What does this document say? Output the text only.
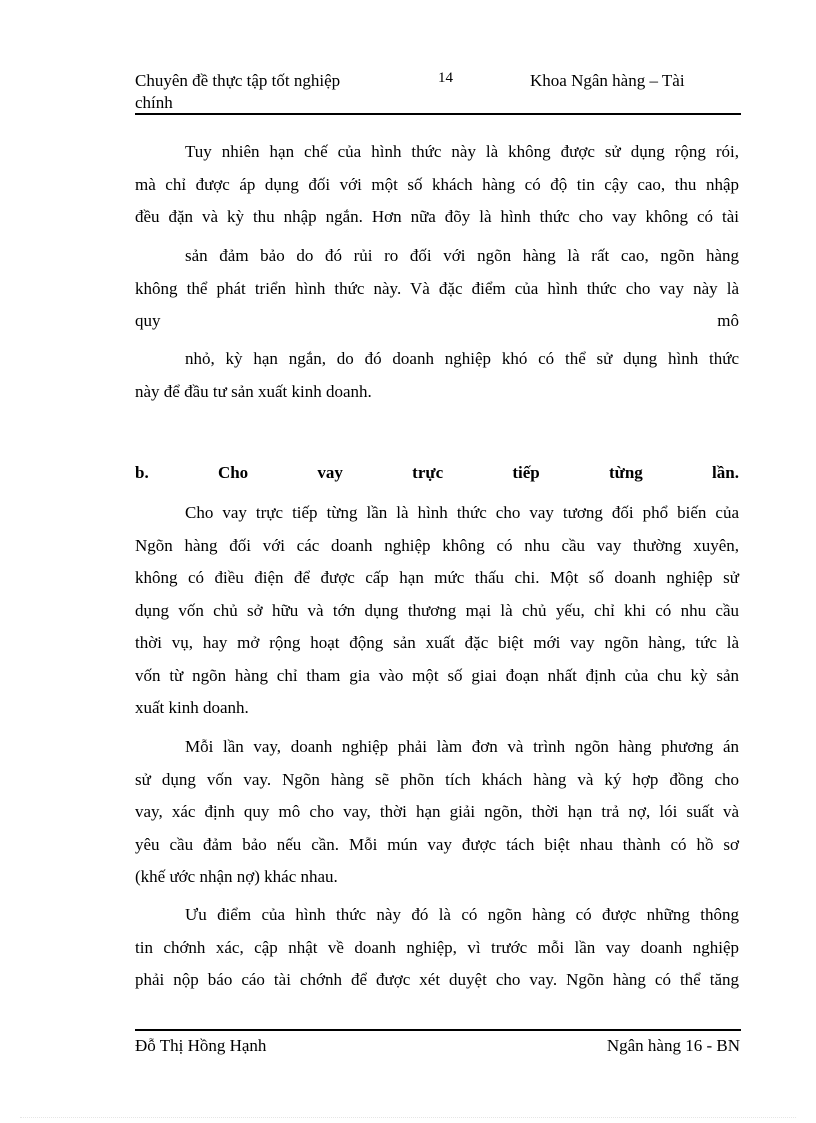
Chuyên đề thực tập tốt nghiệp
chính
14	Khoa Ngân hàng – Tài
Tuy nhiên hạn chế của hình thức này là không được sử dụng rộng rói,
mà chỉ được áp dụng đối với một số khách hàng có độ tin cậy cao, thu nhập
đều đặn và kỳ thu nhập ngắn. Hơn nữa đõy là hình thức cho vay không có tài
sản đảm bảo do đó rủi ro đối với ngõn hàng là rất cao, ngõn hàng
không thể phát triển hình thức này. Và đặc điểm của hình thức cho vay này là
quy	mô
nhỏ, kỳ hạn ngắn, do đó doanh nghiệp khó có thể sử dụng hình thức
này để đầu tư sản xuất kinh doanh.
b.	Cho	vay	trực	tiếp	từng	lần.
Cho vay trực tiếp từng lần là hình thức cho vay tương đối phổ biến của
Ngõn hàng đối với các doanh nghiệp không có nhu cầu vay thường xuyên,
không có điều điện để được cấp hạn mức thấu chi. Một số doanh nghiệp sử
dụng vốn chủ sở hữu và tớn dụng thương mại là chủ yếu, chỉ khi có nhu cầu
thời vụ, hay mở rộng hoạt động sản xuất đặc biệt mới vay ngõn hàng, tức là
vốn từ ngõn hàng chỉ tham gia vào một số giai đoạn nhất định của chu kỳ sản
xuất kinh doanh.
Mỗi lần vay, doanh nghiệp phải làm đơn và trình ngõn hàng phương án
sử dụng vốn vay. Ngõn hàng sẽ phõn tích khách hàng và ký hợp đồng cho
vay, xác định quy mô cho vay, thời hạn giải ngõn, thời hạn trả nợ, lói suất và
yêu cầu đảm bảo nếu cần. Mỗi mún vay được tách biệt nhau thành có hồ sơ
(khế ước nhận nợ) khác nhau.
Ưu điểm của hình thức này đó là có ngõn hàng có được những thông
tin chớnh xác, cập nhật về doanh nghiệp, vì trước mỗi lần vay doanh nghiệp
phải nộp báo cáo tài chớnh để được xét duyệt cho vay. Ngõn hàng có thể tăng
Đỗ Thị Hồng Hạnh	Ngân hàng 16 - BN
